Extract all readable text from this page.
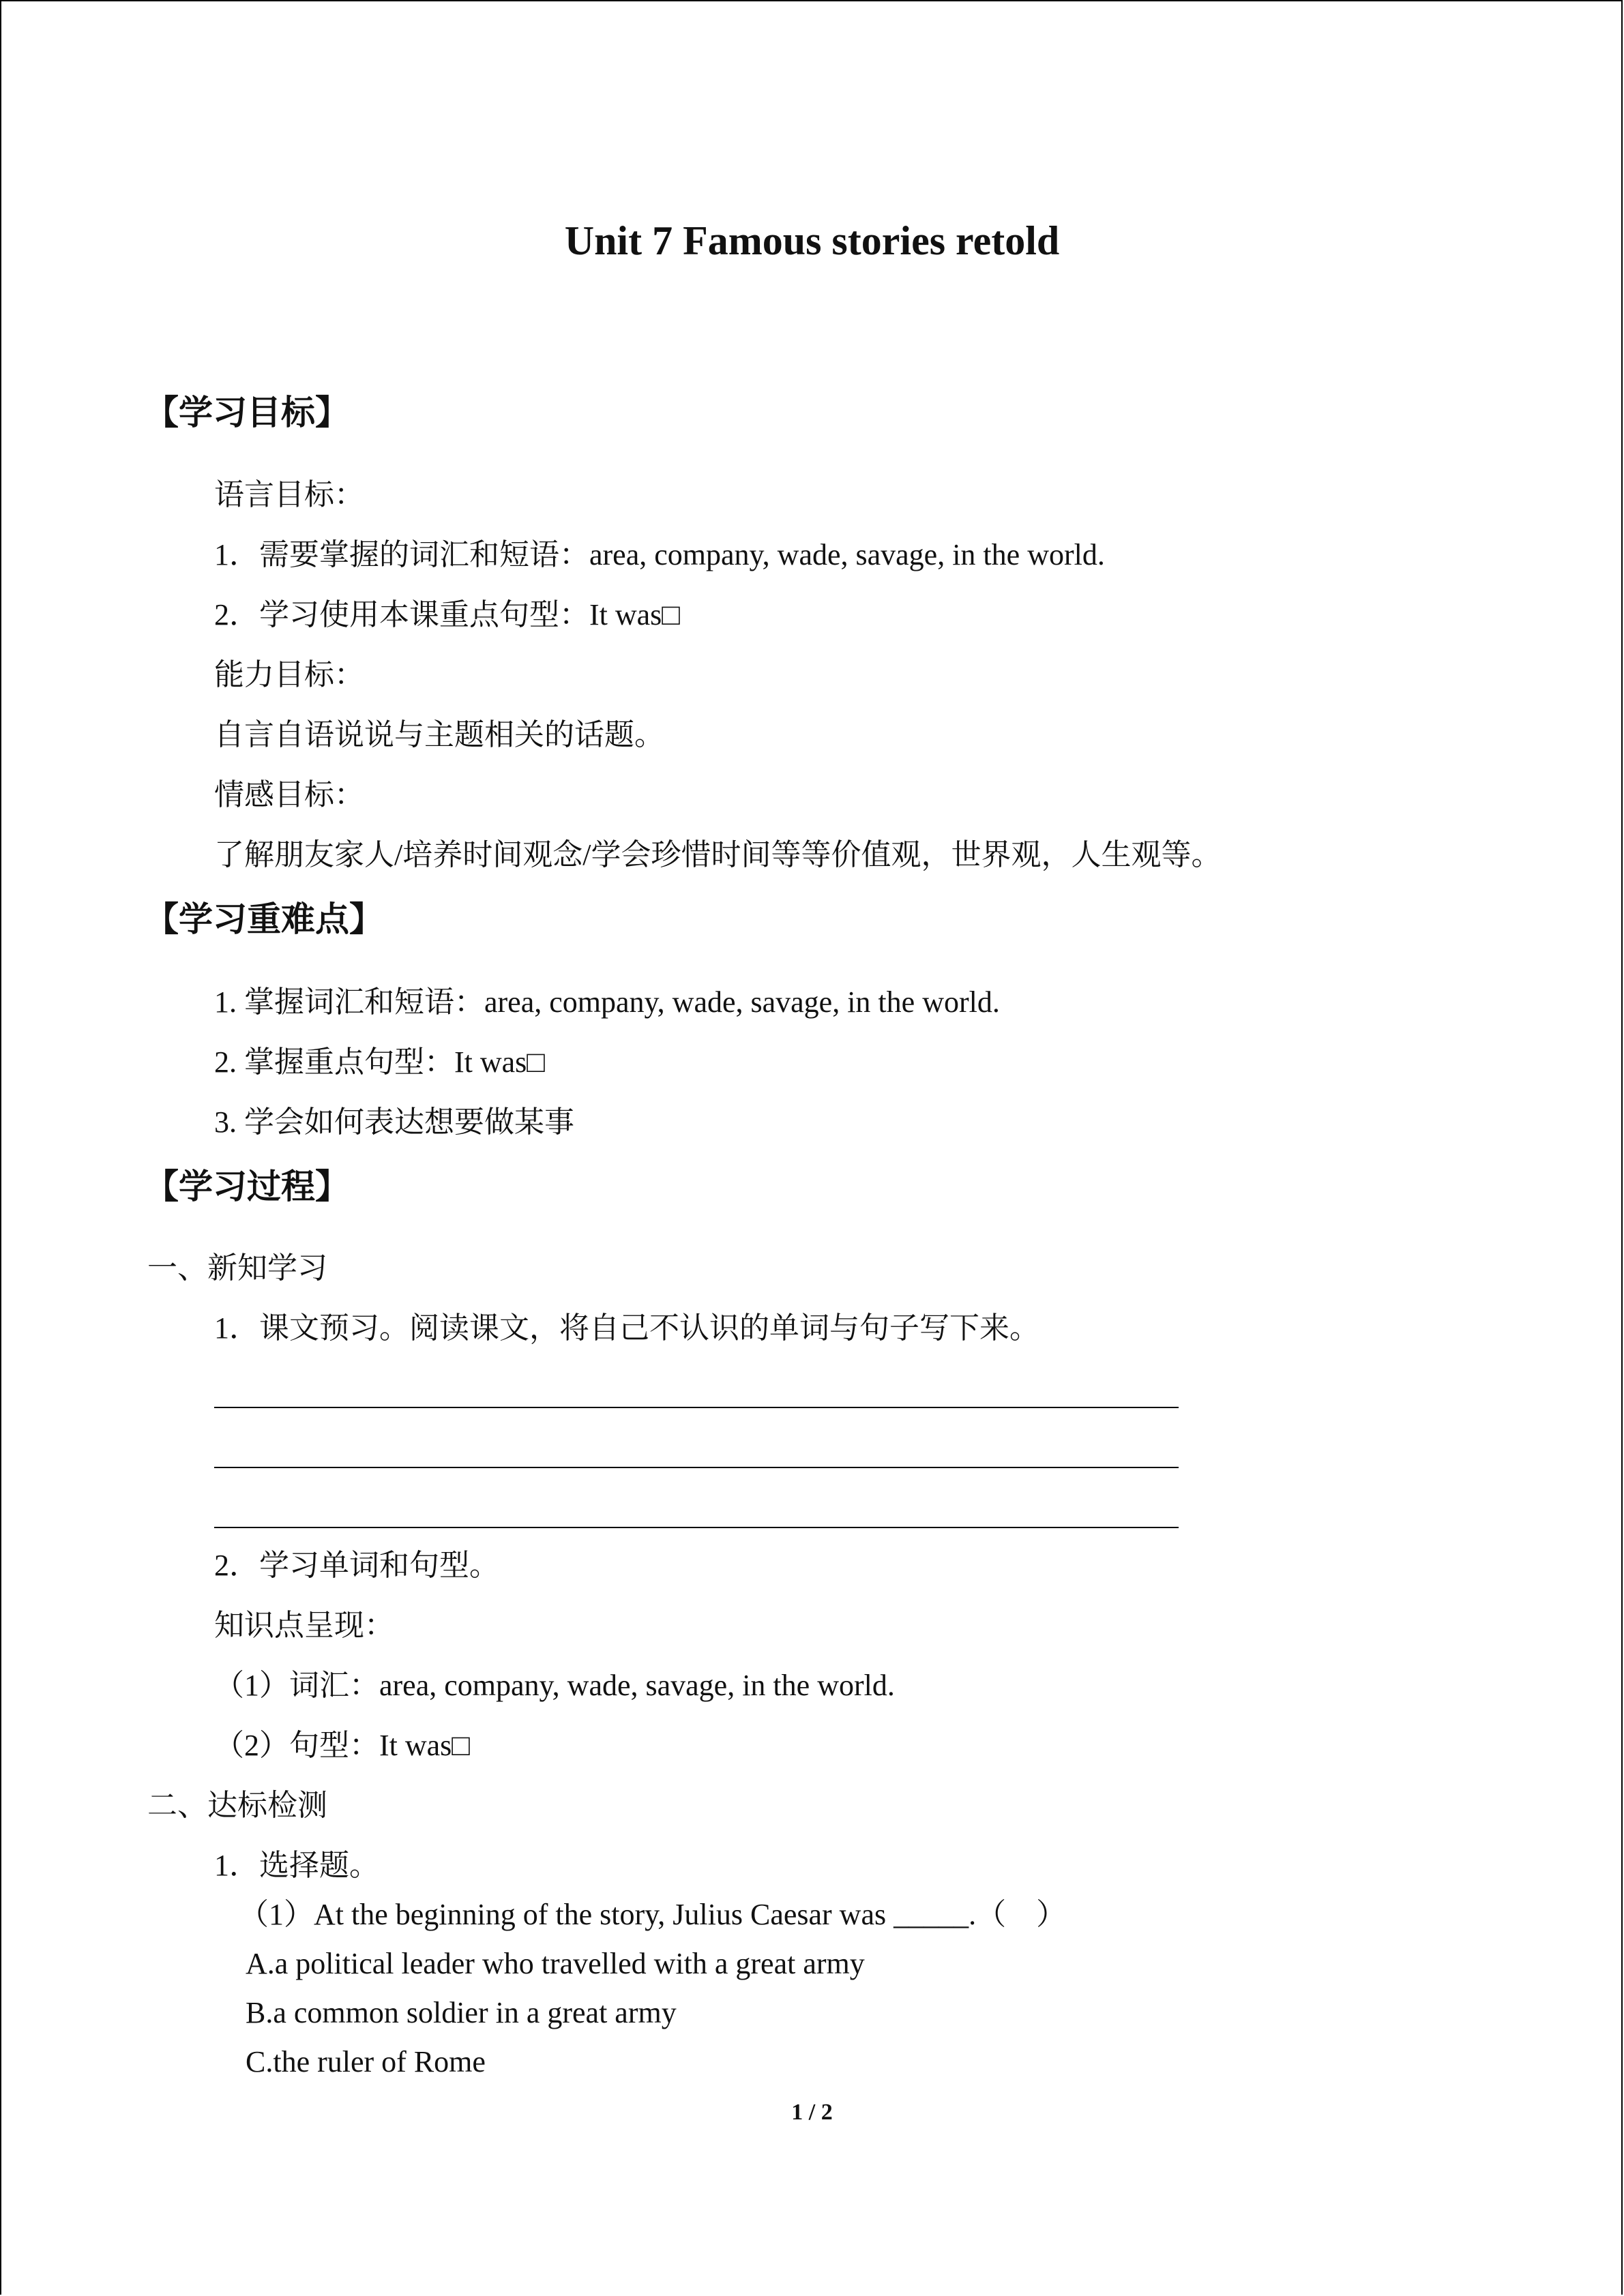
Unit 7 Famous stories retold
【学习目标】
语言目标：
1．需要掌握的词汇和短语：area, company, wade, savage, in the world.
2．学习使用本课重点句型：It was□
能力目标：
自言自语说说与主题相关的话题。
情感目标：
了解朋友家人/培养时间观念/学会珍惜时间等等价值观，世界观，人生观等。
【学习重难点】
1. 掌握词汇和短语：area, company, wade, savage, in the world.
2. 掌握重点句型：It was□
3. 学会如何表达想要做某事
【学习过程】
一、新知学习
1．课文预习。阅读课文，将自己不认识的单词与句子写下来。
2．学习单词和句型。
知识点呈现：
（1）词汇：area, company, wade, savage, in the world.
（2）句型：It was□
二、达标检测
1．选择题。
（1）At the beginning of the story, Julius Caesar was _____.（　）
A.a political leader who travelled with a great army
B.a common soldier in a great army
C.the ruler of Rome
1 / 2
